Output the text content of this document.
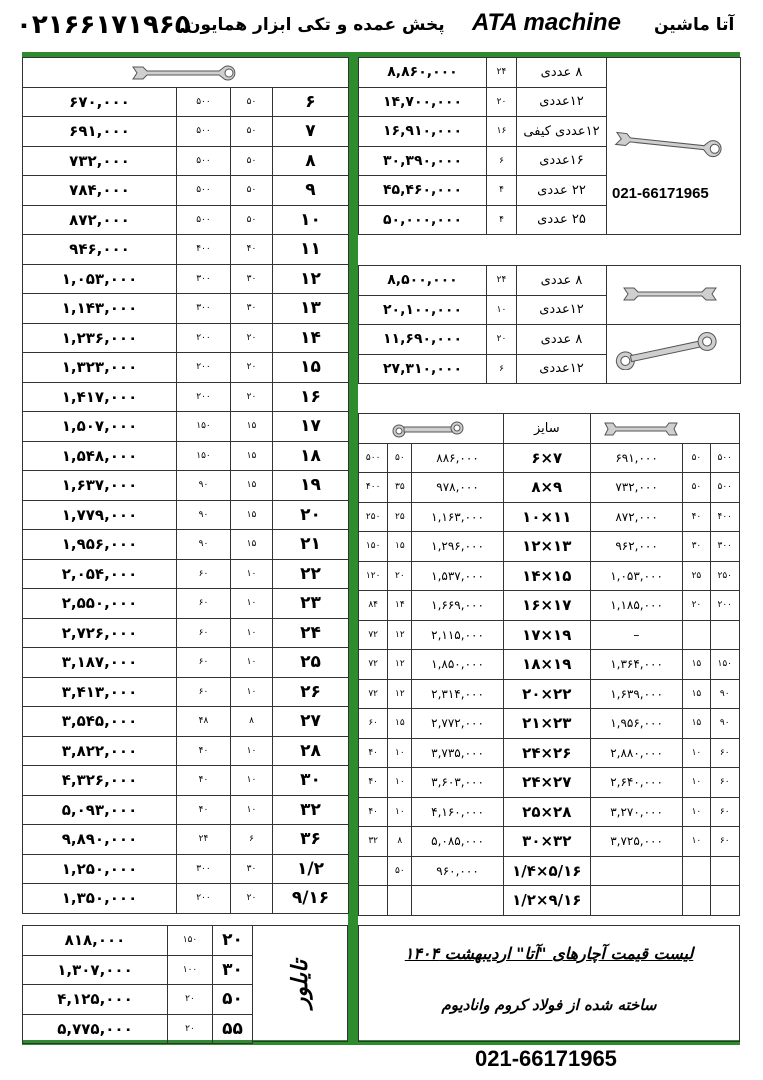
۰۲۱۶۶۱۷۱۹۶۵
پخش عمده و تکی ابزار همایون ATA machine آتا ماشین

۶۷۰,۰۰۰	۵۰۰	۵۰	۶
۶۹۱,۰۰۰	۵۰۰	۵۰	۷
۷۳۲,۰۰۰	۵۰۰	۵۰	۸
۷۸۴,۰۰۰	۵۰۰	۵۰	۹
۸۷۲,۰۰۰	۵۰۰	۵۰	۱۰
۹۴۶,۰۰۰	۴۰۰	۴۰	۱۱
۱,۰۵۳,۰۰۰	۳۰۰	۳۰	۱۲
۱,۱۴۳,۰۰۰	۳۰۰	۳۰	۱۳
۱,۲۳۶,۰۰۰	۲۰۰	۲۰	۱۴
۱,۳۲۳,۰۰۰	۲۰۰	۲۰	۱۵
۱,۴۱۷,۰۰۰	۲۰۰	۲۰	۱۶
۱,۵۰۷,۰۰۰	۱۵۰	۱۵	۱۷
۱,۵۴۸,۰۰۰	۱۵۰	۱۵	۱۸
۱,۶۳۷,۰۰۰	۹۰	۱۵	۱۹
۱,۷۷۹,۰۰۰	۹۰	۱۵	۲۰
۱,۹۵۶,۰۰۰	۹۰	۱۵	۲۱
۲,۰۵۴,۰۰۰	۶۰	۱۰	۲۲
۲,۵۵۰,۰۰۰	۶۰	۱۰	۲۳
۲,۷۲۶,۰۰۰	۶۰	۱۰	۲۴
۳,۱۸۷,۰۰۰	۶۰	۱۰	۲۵
۳,۴۱۳,۰۰۰	۶۰	۱۰	۲۶
۳,۵۴۵,۰۰۰	۴۸	۸	۲۷
۳,۸۲۲,۰۰۰	۴۰	۱۰	۲۸
۴,۳۲۶,۰۰۰	۴۰	۱۰	۳۰
۵,۰۹۳,۰۰۰	۴۰	۱۰	۳۲
۹,۸۹۰,۰۰۰	۲۴	۶	۳۶
۱,۲۵۰,۰۰۰	۳۰۰	۳۰	۱/۲
۱,۳۵۰,۰۰۰	۲۰۰	۲۰	۹/۱۶
۸,۸۶۰,۰۰۰	۲۴	۸ عددی	
۱۴,۷۰۰,۰۰۰	۲۰	۱۲عددی	
۱۶,۹۱۰,۰۰۰	۱۶	۱۲عددی کیفی	
۳۰,۳۹۰,۰۰۰	۶	۱۶عددی	
۴۵,۴۶۰,۰۰۰	۴	۲۲ عددی	
۵۰,۰۰۰,۰۰۰	۴	۲۵ عددی	
021-66171965
۸,۵۰۰,۰۰۰	۲۴	۸ عددی	
۲۰,۱۰۰,۰۰۰	۱۰	۱۲عددی	
۱۱,۶۹۰,۰۰۰	۲۰	۸ عددی	
۲۷,۳۱۰,۰۰۰	۶	۱۲عددی	
	سایز	

۵۰۰	۵۰	۸۸۶,۰۰۰	۶×۷	۶۹۱,۰۰۰	۵۰	۵۰۰
۴۰۰	۳۵	۹۷۸,۰۰۰	۸×۹	۷۳۲,۰۰۰	۵۰	۵۰۰
۲۵۰	۲۵	۱,۱۶۳,۰۰۰	۱۰×۱۱	۸۷۲,۰۰۰	۴۰	۴۰۰
۱۵۰	۱۵	۱,۲۹۶,۰۰۰	۱۲×۱۳	۹۶۲,۰۰۰	۳۰	۳۰۰
۱۲۰	۲۰	۱,۵۳۷,۰۰۰	۱۴×۱۵	۱,۰۵۳,۰۰۰	۲۵	۲۵۰
۸۴	۱۴	۱,۶۶۹,۰۰۰	۱۶×۱۷	۱,۱۸۵,۰۰۰	۲۰	۲۰۰
۷۲	۱۲	۲,۱۱۵,۰۰۰	۱۷×۱۹	–		
۷۲	۱۲	۱,۸۵۰,۰۰۰	۱۸×۱۹	۱,۳۶۴,۰۰۰	۱۵	۱۵۰
۷۲	۱۲	۲,۳۱۴,۰۰۰	۲۰×۲۲	۱,۶۳۹,۰۰۰	۱۵	۹۰
۶۰	۱۵	۲,۷۷۲,۰۰۰	۲۱×۲۳	۱,۹۵۶,۰۰۰	۱۵	۹۰
۴۰	۱۰	۳,۷۳۵,۰۰۰	۲۴×۲۶	۲,۸۸۰,۰۰۰	۱۰	۶۰
۴۰	۱۰	۳,۶۰۳,۰۰۰	۲۴×۲۷	۲,۶۴۰,۰۰۰	۱۰	۶۰
۴۰	۱۰	۴,۱۶۰,۰۰۰	۲۵×۲۸	۳,۲۷۰,۰۰۰	۱۰	۶۰
۳۲	۸	۵,۰۸۵,۰۰۰	۳۰×۳۲	۳,۷۲۵,۰۰۰	۱۰	۶۰
	۵۰	۹۶۰,۰۰۰	۱/۴×۵/۱۶			
			۱/۲×۹/۱۶			
۸۱۸,۰۰۰	۱۵۰	۲۰
۱,۳۰۷,۰۰۰	۱۰۰	۳۰
۴,۱۲۵,۰۰۰	۲۰	۵۰
۵,۷۷۵,۰۰۰	۲۰	۵۵
تایلور
لیست قیمت آچارهای "آتا" اردیبهشت ۱۴۰۴
ساخته شده از فولاد کروم وانادیوم
021-66171965
